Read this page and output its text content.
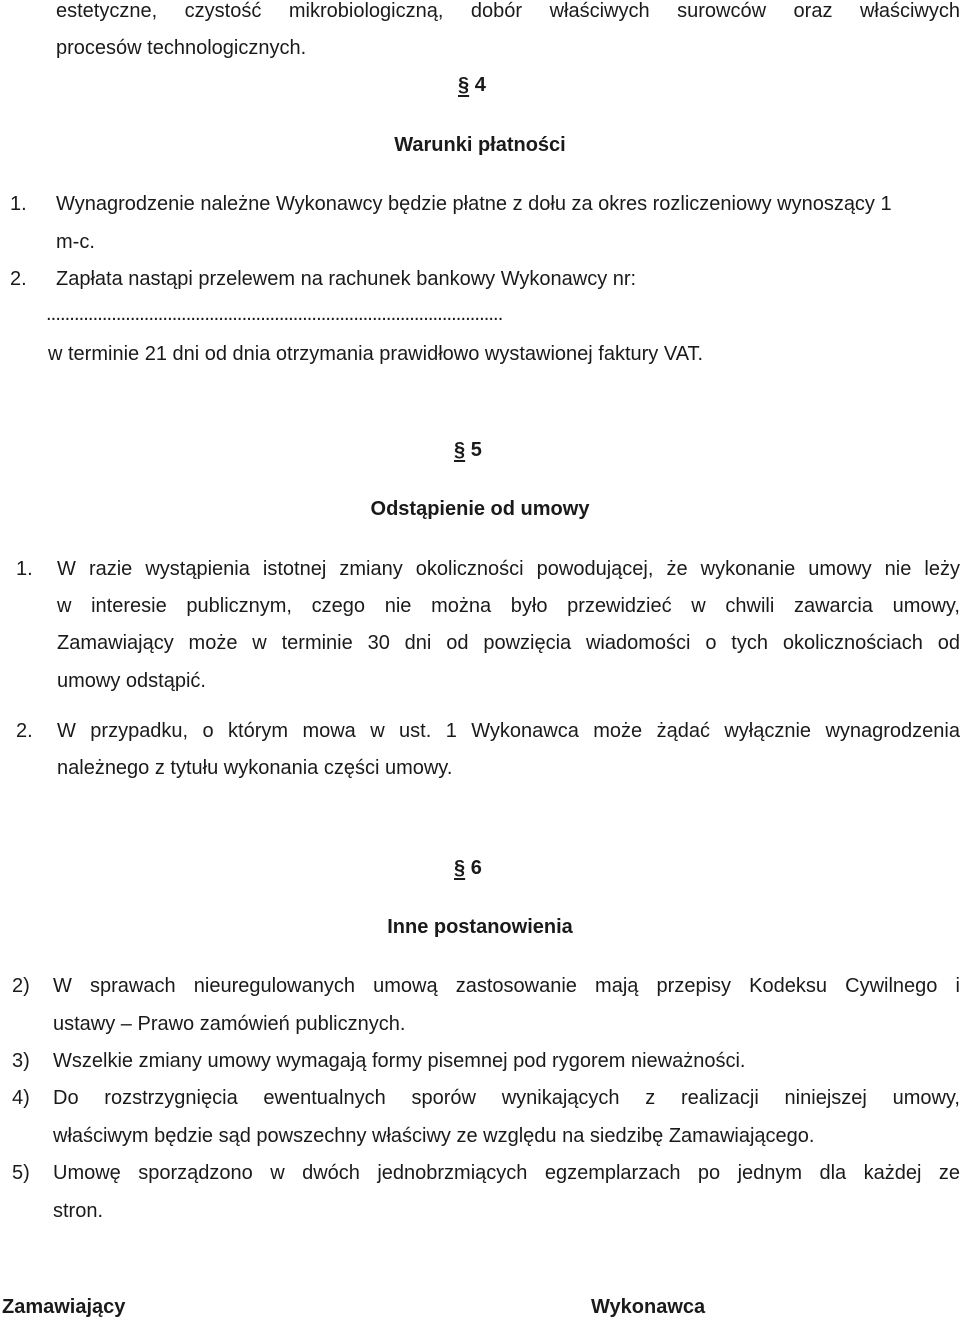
estetyczne, czystość mikrobiologiczną, dobór właściwych surowców oraz właściwych
procesów technologicznych.
§ 4
Warunki płatności
1. Wynagrodzenie należne Wykonawcy będzie płatne z dołu za okres rozliczeniowy wynoszący 1
m-c.
2. Zapłata nastąpi przelewem na rachunek bankowy Wykonawcy nr:
..................................................................................................
w terminie 21 dni od dnia otrzymania prawidłowo wystawionej faktury VAT.
§ 5
Odstąpienie od umowy
1. W razie wystąpienia istotnej zmiany okoliczności powodującej, że wykonanie umowy nie leży
w interesie publicznym, czego nie można było przewidzieć w chwili zawarcia umowy,
Zamawiający może w terminie 30 dni od powzięcia wiadomości o tych okolicznościach od
umowy odstąpić.
2. W przypadku, o którym mowa w ust. 1 Wykonawca może żądać wyłącznie wynagrodzenia
należnego z tytułu wykonania części umowy.
§ 6
Inne postanowienia
2) W sprawach nieuregulowanych umową zastosowanie mają przepisy Kodeksu Cywilnego i
ustawy – Prawo zamówień publicznych.
3) Wszelkie zmiany umowy wymagają formy pisemnej pod rygorem nieważności.
4) Do rozstrzygnięcia ewentualnych sporów wynikających z realizacji niniejszej umowy,
właściwym będzie sąd powszechny właściwy ze względu na siedzibę Zamawiającego.
5) Umowę sporządzono w dwóch jednobrzmiących egzemplarzach po jednym dla każdej ze
stron.
Zamawiający	Wykonawca
